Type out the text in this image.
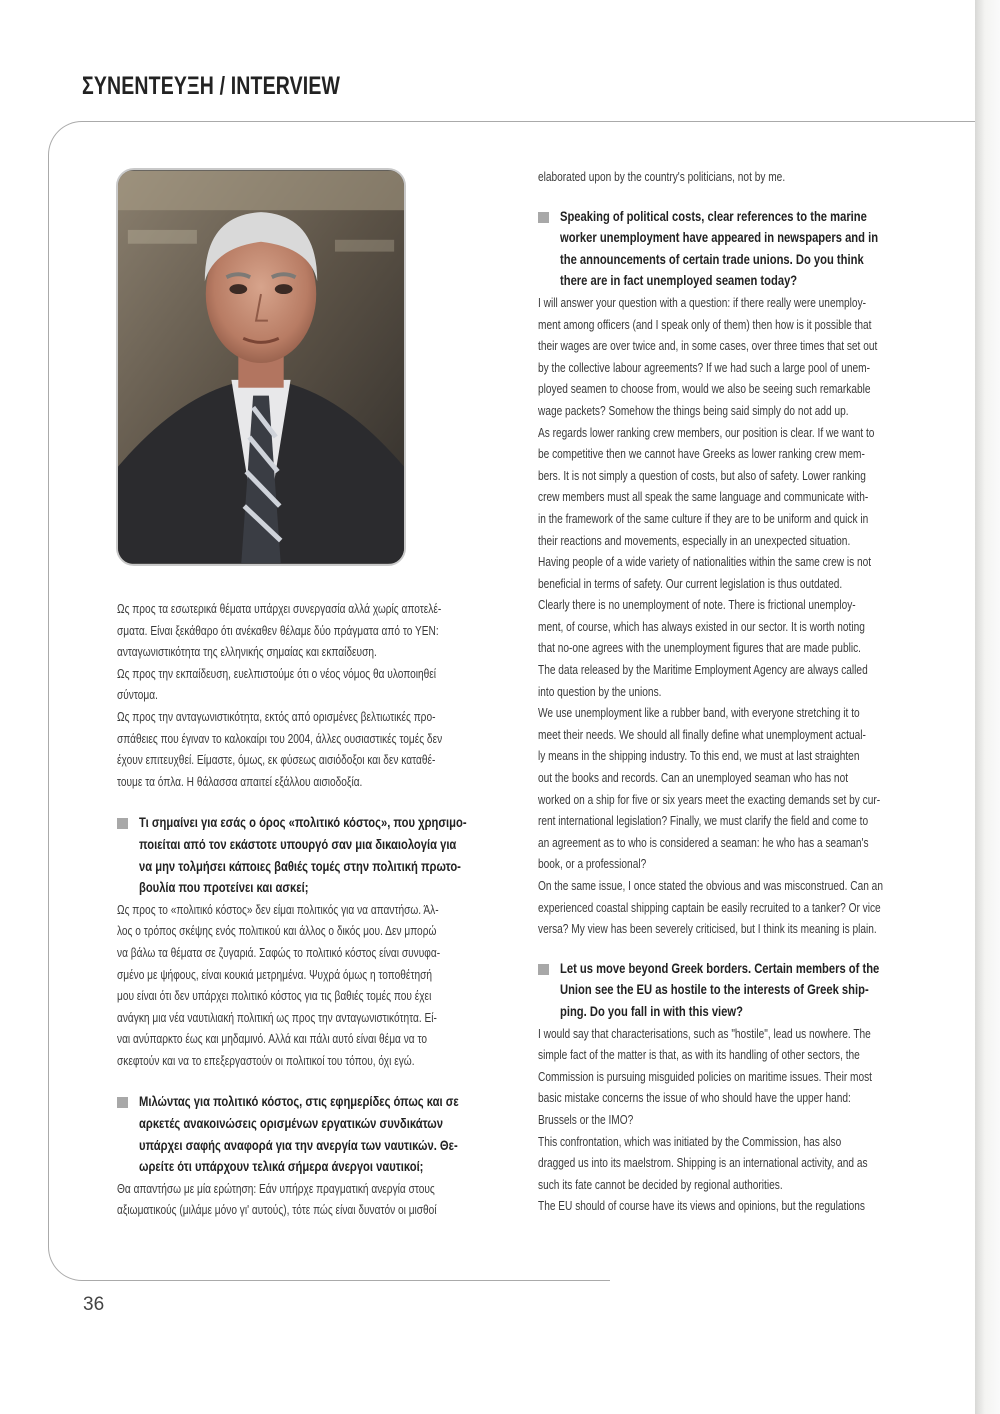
ΣΥΝΕΝΤΕΥΞΗ / INTERVIEW
Ως προς τα εσωτερικά θέματα υπάρχει συνεργασία αλλά χωρίς αποτελέ-
σματα. Είναι ξεκάθαρο ότι ανέκαθεν θέλαμε δύο πράγματα από το ΥΕΝ:
ανταγωνιστικότητα της ελληνικής σημαίας και εκπαίδευση.
Ως προς την εκπαίδευση, ευελπιστούμε ότι ο νέος νόμος θα υλοποιηθεί
σύντομα.
Ως προς την ανταγωνιστικότητα, εκτός από ορισμένες βελτιωτικές προ-
σπάθειες που έγιναν το καλοκαίρι του 2004, άλλες ουσιαστικές τομές δεν
έχουν επιτευχθεί. Είμαστε, όμως, εκ φύσεως αισιόδοξοι και δεν καταθέ-
τουμε τα όπλα. Η θάλασσα απαιτεί εξάλλου αισιοδοξία.
Τι σημαίνει για εσάς ο όρος «πολιτικό κόστος», που χρησιμο-
ποιείται από τον εκάστοτε υπουργό σαν μια δικαιολογία για
να μην τολμήσει κάποιες βαθιές τομές στην πολιτική πρωτο-
βουλία που προτείνει και ασκεί;
Ως προς το «πολιτικό κόστος» δεν είμαι πολιτικός για να απαντήσω. Άλ-
λος ο τρόπος σκέψης ενός πολιτικού και άλλος ο δικός μου. Δεν μπορώ
να βάλω τα θέματα σε ζυγαριά. Σαφώς το πολιτικό κόστος είναι συνυφα-
σμένο με ψήφους, είναι κουκιά μετρημένα. Ψυχρά όμως η τοποθέτησή
μου είναι ότι δεν υπάρχει πολιτικό κόστος για τις βαθιές τομές που έχει
ανάγκη μια νέα ναυτιλιακή πολιτική ως προς την ανταγωνιστικότητα. Εί-
ναι ανύπαρκτο έως και μηδαμινό. Αλλά και πάλι αυτό είναι θέμα να το
σκεφτούν και να το επεξεργαστούν οι πολιτικοί του τόπου, όχι εγώ.
Μιλώντας για πολιτικό κόστος, στις εφημερίδες όπως και σε
αρκετές ανακοινώσεις ορισμένων εργατικών συνδικάτων
υπάρχει σαφής αναφορά για την ανεργία των ναυτικών. Θε-
ωρείτε ότι υπάρχουν τελικά σήμερα άνεργοι ναυτικοί;
Θα απαντήσω με μία ερώτηση: Εάν υπήρχε πραγματική ανεργία στους
αξιωματικούς (μιλάμε μόνο γι' αυτούς), τότε πώς είναι δυνατόν οι μισθοί
elaborated upon by the country's politicians, not by me.
Speaking of political costs, clear references to the marine
worker unemployment have appeared in newspapers and in
the announcements of certain trade unions. Do you think
there are in fact unemployed seamen today?
I will answer your question with a question: if there really were unemploy-
ment among officers (and I speak only of them) then how is it possible that
their wages are over twice and, in some cases, over three times that set out
by the collective labour agreements? If we had such a large pool of unem-
ployed seamen to choose from, would we also be seeing such remarkable
wage packets? Somehow the things being said simply do not add up.
As regards lower ranking crew members, our position is clear. If we want to
be competitive then we cannot have Greeks as lower ranking crew mem-
bers. It is not simply a question of costs, but also of safety. Lower ranking
crew members must all speak the same language and communicate with-
in the framework of the same culture if they are to be uniform and quick in
their reactions and movements, especially in an unexpected situation.
Having people of a wide variety of nationalities within the same crew is not
beneficial in terms of safety. Our current legislation is thus outdated.
Clearly there is no unemployment of note. There is frictional unemploy-
ment, of course, which has always existed in our sector. It is worth noting
that no-one agrees with the unemployment figures that are made public.
The data released by the Maritime Employment Agency are always called
into question by the unions.
We use unemployment like a rubber band, with everyone stretching it to
meet their needs. We should all finally define what unemployment actual-
ly means in the shipping industry. To this end, we must at last straighten
out the books and records. Can an unemployed seaman who has not
worked on a ship for five or six years meet the exacting demands set by cur-
rent international legislation? Finally, we must clarify the field and come to
an agreement as to who is considered a seaman: he who has a seaman's
book, or a professional?
On the same issue, I once stated the obvious and was misconstrued. Can an
experienced coastal shipping captain be easily recruited to a tanker? Or vice
versa? My view has been severely criticised, but I think its meaning is plain.
Let us move beyond Greek borders. Certain members of the
Union see the EU as hostile to the interests of Greek ship-
ping. Do you fall in with this view?
I would say that characterisations, such as "hostile", lead us nowhere. The
simple fact of the matter is that, as with its handling of other sectors, the
Commission is pursuing misguided policies on maritime issues. Their most
basic mistake concerns the issue of who should have the upper hand:
Brussels or the IMO?
This confrontation, which was initiated by the Commission, has also
dragged us into its maelstrom. Shipping is an international activity, and as
such its fate cannot be decided by regional authorities.
The EU should of course have its views and opinions, but the regulations
36
